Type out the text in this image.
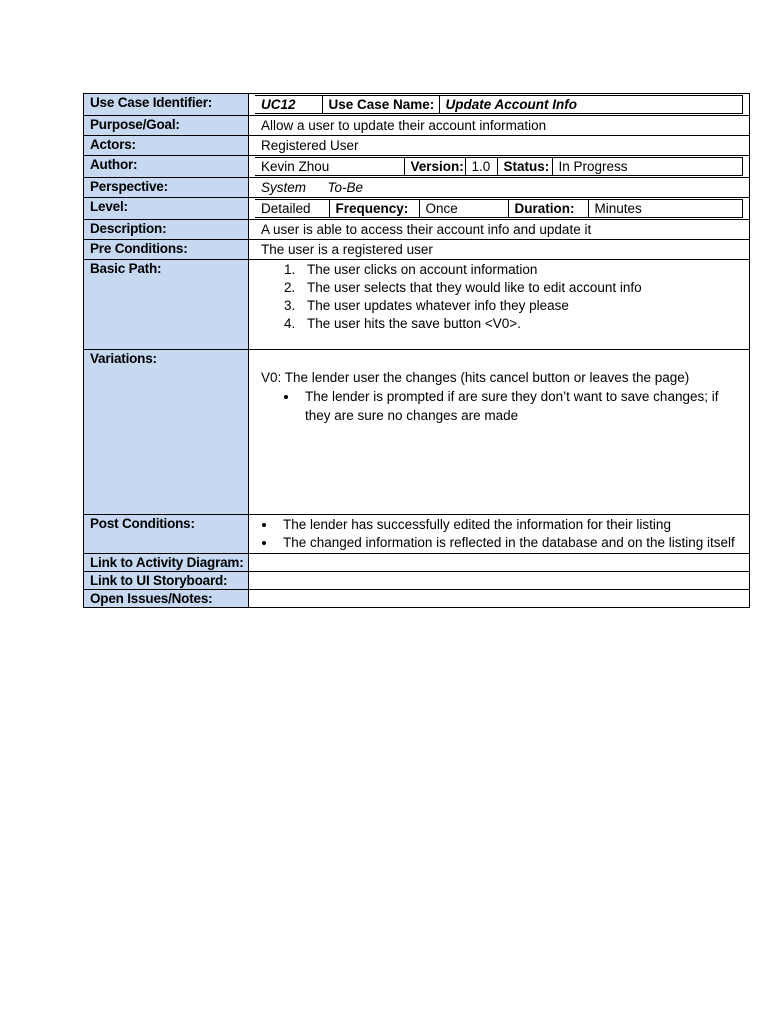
Use Case Identifier:		UC12	Use Case Name:	Update Account Info

Purpose/Goal:	Allow a user to update their account information

Actors:	Registered User

Author:		Kevin Zhou	Version:	1.0	Status:	In Progress

Perspective:	System To-Be

Level:		Detailed	Frequency:	Once	Duration:	Minutes

Description:	A user is able to access their account info and update it

Pre Conditions:	The user is a registered user

Basic Path:	
1.The user clicks on account information
2. The user selects that they would like to edit account info
3. The user updates whatever info they please
4. The user hits the save button <V0>.

Variations:	
V0: The lender user the changes (hits cancel button or leaves the page)
• The lender is prompted if are sure they don’t want to save changes; if they are sure no changes are made

Post Conditions:	
•The lender has successfully edited the information for their listing
• The changed information is reflected in the database and on the listing itself

Link to Activity Diagram:	

Link to UI Storyboard:	

Open Issues/Notes:	
